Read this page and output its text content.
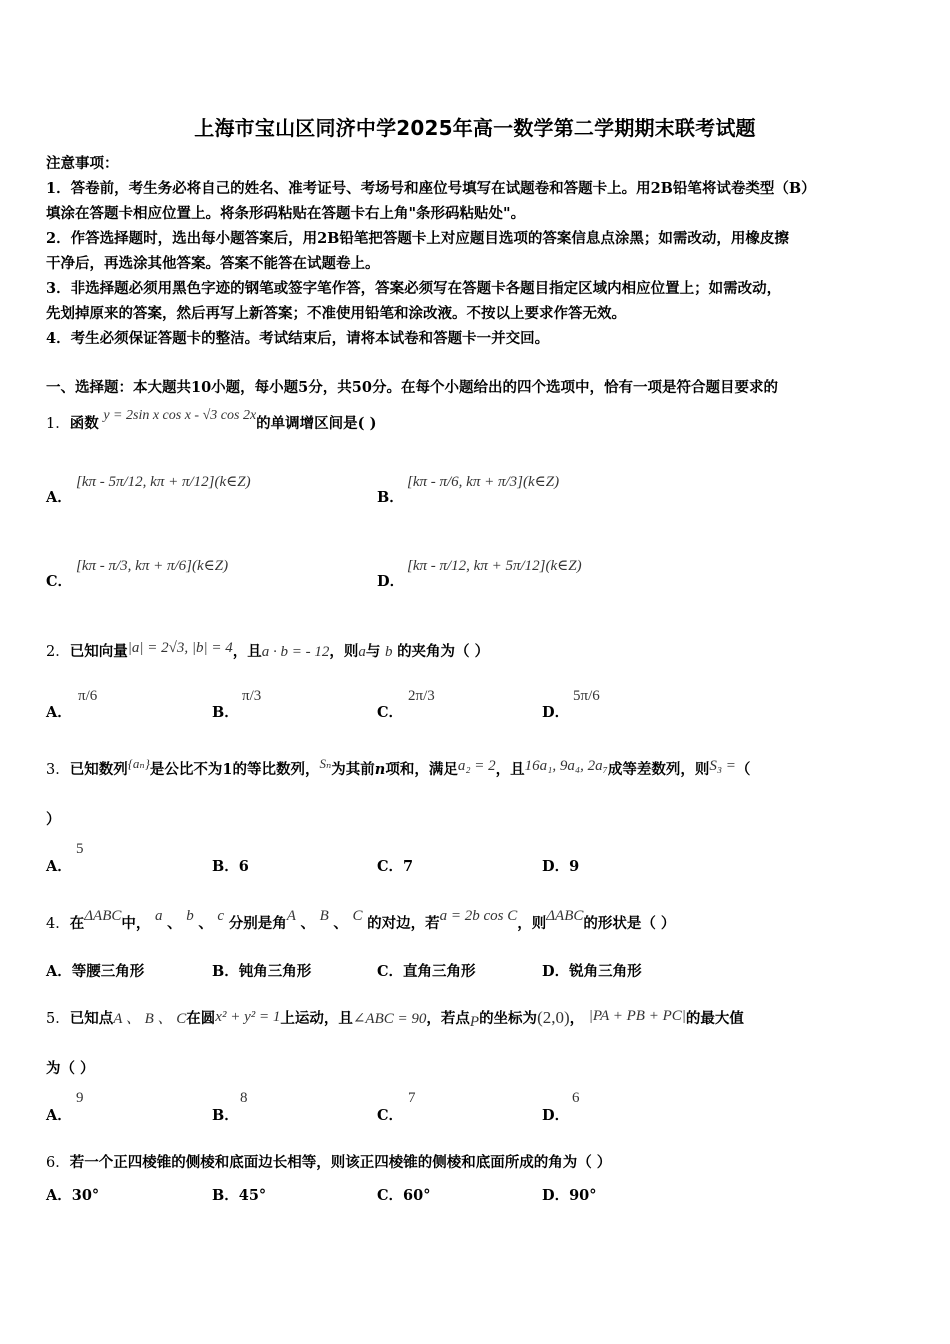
上海市宝山区同济中学2025年高一数学第二学期期末联考试题
注意事项：
1．答卷前，考生务必将自己的姓名、准考证号、考场号和座位号填写在试题卷和答题卡上。用2B铅笔将试卷类型（B）
填涂在答题卡相应位置上。将条形码粘贴在答题卡右上角"条形码粘贴处"。
2．作答选择题时，选出每小题答案后，用2B铅笔把答题卡上对应题目选项的答案信息点涂黑；如需改动，用橡皮擦
干净后，再选涂其他答案。答案不能答在试题卷上。
3．非选择题必须用黑色字迹的钢笔或签字笔作答，答案必须写在答题卡各题目指定区域内相应位置上；如需改动，
先划掉原来的答案，然后再写上新答案；不准使用铅笔和涂改液。不按以上要求作答无效。
4．考生必须保证答题卡的整洁。考试结束后，请将本试卷和答题卡一并交回。
一、选择题：本大题共10小题，每小题5分，共50分。在每个小题给出的四个选项中，恰有一项是符合题目要求的
1．函数 y = 2sin x cos x - √3 cos 2x的单调增区间是( )
A．
[kπ - 5π/12, kπ + π/12](k∈Z)
B．
[kπ - π/6, kπ + π/3](k∈Z)
C．
[kπ - π/3, kπ + π/6](k∈Z)
D．
[kπ - π/12, kπ + 5π/12](k∈Z)
2．已知向量|a| = 2√3, |b| = 4，且a · b = - 12，则a与 b 的夹角为（ ）
A．
π/6
B．
π/3
C．
2π/3
D．
5π/6
3．已知数列{aₙ}是公比不为1的等比数列，Sₙ为其前n项和，满足a₂ = 2，且16a₁, 9a₄, 2a₇成等差数列，则S₃ =（
）
A．
5
B．6	C．7	D．9
4．在ΔABC中， a 、 b 、 c 分别是角A 、 B 、 C 的对边，若a = 2b cos C，则ΔABC的形状是（ ）
A．等腰三角形	B．钝角三角形	C．直角三角形	D．锐角三角形
5．已知点A 、 B 、 C在圆x² + y² = 1上运动，且∠ABC = 90，若点P的坐标为(2,0)， |PA + PB + PC|的最大值
为（ ）
A．
9
B．
8
C．
7
D．
6
6．若一个正四棱锥的侧棱和底面边长相等，则该正四棱锥的侧棱和底面所成的角为（ ）
A．30°	B．45°	C．60°	D．90°
